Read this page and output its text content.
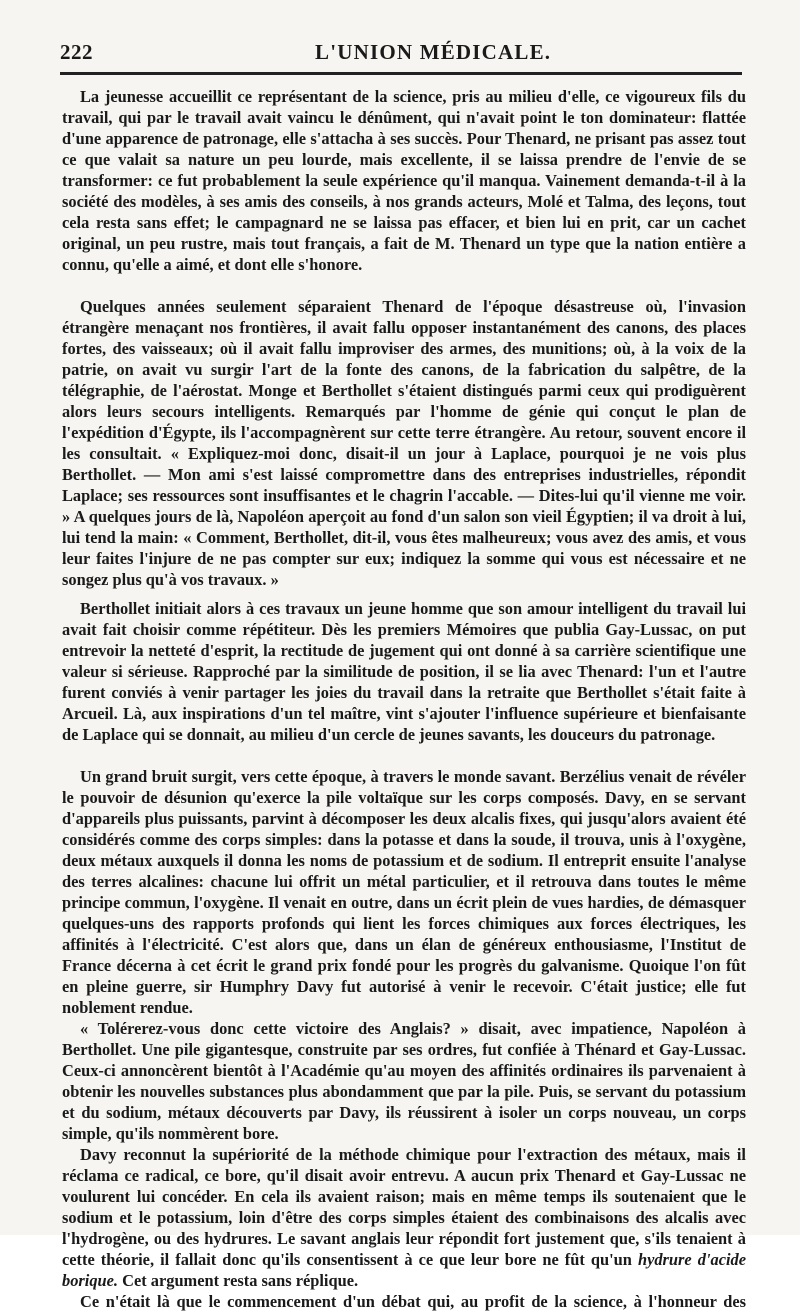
222	L'UNION MÉDICALE.

La jeunesse accueillit ce représentant de la science, pris au milieu d'elle, ce vigoureux fils du travail, qui par le travail avait vaincu le dénûment, qui n'avait point le ton dominateur: flattée d'une apparence de patronage, elle s'attacha à ses succès. Pour Thenard, ne prisant pas assez tout ce que valait sa nature un peu lourde, mais excellente, il se laissa prendre de l'envie de se transformer: ce fut probablement la seule expérience qu'il manqua. Vainement demanda-t-il à la société des modèles, à ses amis des conseils, à nos grands acteurs, Molé et Talma, des leçons, tout cela resta sans effet; le campagnard ne se laissa pas effacer, et bien lui en prit, car un cachet original, un peu rustre, mais tout français, a fait de M. Thenard un type que la nation entière a connu, qu'elle a aimé, et dont elle s'honore.

Quelques années seulement séparaient Thenard de l'époque désastreuse où, l'invasion étrangère menaçant nos frontières, il avait fallu opposer instantanément des canons, des places fortes, des vaisseaux; où il avait fallu improviser des armes, des munitions; où, à la voix de la patrie, on avait vu surgir l'art de la fonte des canons, de la fabrication du salpêtre, de la télégraphie, de l'aérostat. Monge et Berthollet s'étaient distingués parmi ceux qui prodiguèrent alors leurs secours intelligents. Remarqués par l'homme de génie qui conçut le plan de l'expédition d'Égypte, ils l'accompagnèrent sur cette terre étrangère. Au retour, souvent encore il les consultait. « Expliquez-moi donc, disait-il un jour à Laplace, pourquoi je ne vois plus Berthollet. — Mon ami s'est laissé compromettre dans des entreprises industrielles, répondit Laplace; ses ressources sont insuffisantes et le chagrin l'accable. — Dites-lui qu'il vienne me voir. » A quelques jours de là, Napoléon aperçoit au fond d'un salon son vieil Égyptien; il va droit à lui, lui tend la main: « Comment, Berthollet, dit-il, vous êtes malheureux; vous avez des amis, et vous leur faites l'injure de ne pas compter sur eux; indiquez la somme qui vous est nécessaire et ne songez plus qu'à vos travaux. »

Berthollet initiait alors à ces travaux un jeune homme que son amour intelligent du travail lui avait fait choisir comme répétiteur. Dès les premiers Mémoires que publia Gay-Lussac, on put entrevoir la netteté d'esprit, la rectitude de jugement qui ont donné à sa carrière scientifique une valeur si sérieuse. Rapproché par la similitude de position, il se lia avec Thenard: l'un et l'autre furent conviés à venir partager les joies du travail dans la retraite que Berthollet s'était faite à Arcueil. Là, aux inspirations d'un tel maître, vint s'ajouter l'influence supérieure et bienfaisante de Laplace qui se donnait, au milieu d'un cercle de jeunes savants, les douceurs du patronage.

Un grand bruit surgit, vers cette époque, à travers le monde savant. Berzélius venait de révéler le pouvoir de désunion qu'exerce la pile voltaïque sur les corps composés. Davy, en se servant d'appareils plus puissants, parvint à décomposer les deux alcalis fixes, qui jusqu'alors avaient été considérés comme des corps simples: dans la potasse et dans la soude, il trouva, unis à l'oxygène, deux métaux auxquels il donna les noms de potassium et de sodium. Il entreprit ensuite l'analyse des terres alcalines: chacune lui offrit un métal particulier, et il retrouva dans toutes le même principe commun, l'oxygène. Il venait en outre, dans un écrit plein de vues hardies, de démasquer quelques-uns des rapports profonds qui lient les forces chimiques aux forces électriques, les affinités à l'électricité. C'est alors que, dans un élan de généreux enthousiasme, l'Institut de France décerna à cet écrit le grand prix fondé pour les progrès du galvanisme. Quoique l'on fût en pleine guerre, sir Humphry Davy fut autorisé à venir le recevoir. C'était justice; elle fut noblement rendue.

« Tolérerez-vous donc cette victoire des Anglais? » disait, avec impatience, Napoléon à Berthollet. Une pile gigantesque, construite par ses ordres, fut confiée à Thénard et Gay-Lussac. Ceux-ci annoncèrent bientôt à l'Académie qu'au moyen des affinités ordinaires ils parvenaient à obtenir les nouvelles substances plus abondamment que par la pile. Puis, se servant du potassium et du sodium, métaux découverts par Davy, ils réussirent à isoler un corps nouveau, un corps simple, qu'ils nommèrent bore.

Davy reconnut la supériorité de la méthode chimique pour l'extraction des métaux, mais il réclama ce radical, ce bore, qu'il disait avoir entrevu. A aucun prix Thenard et Gay-Lussac ne voulurent lui concéder. En cela ils avaient raison; mais en même temps ils soutenaient que le sodium et le potassium, loin d'être des corps simples étaient des combinaisons des alcalis avec l'hydrogène, ou des hydrures. Le savant anglais leur répondit fort justement que, s'ils tenaient à cette théorie, il fallait donc qu'ils consentissent à ce que leur bore ne fût qu'un hydrure d'acide borique. Cet argument resta sans réplique.

Ce n'était là que le commencement d'un débat qui, au profit de la science, à l'honneur des
